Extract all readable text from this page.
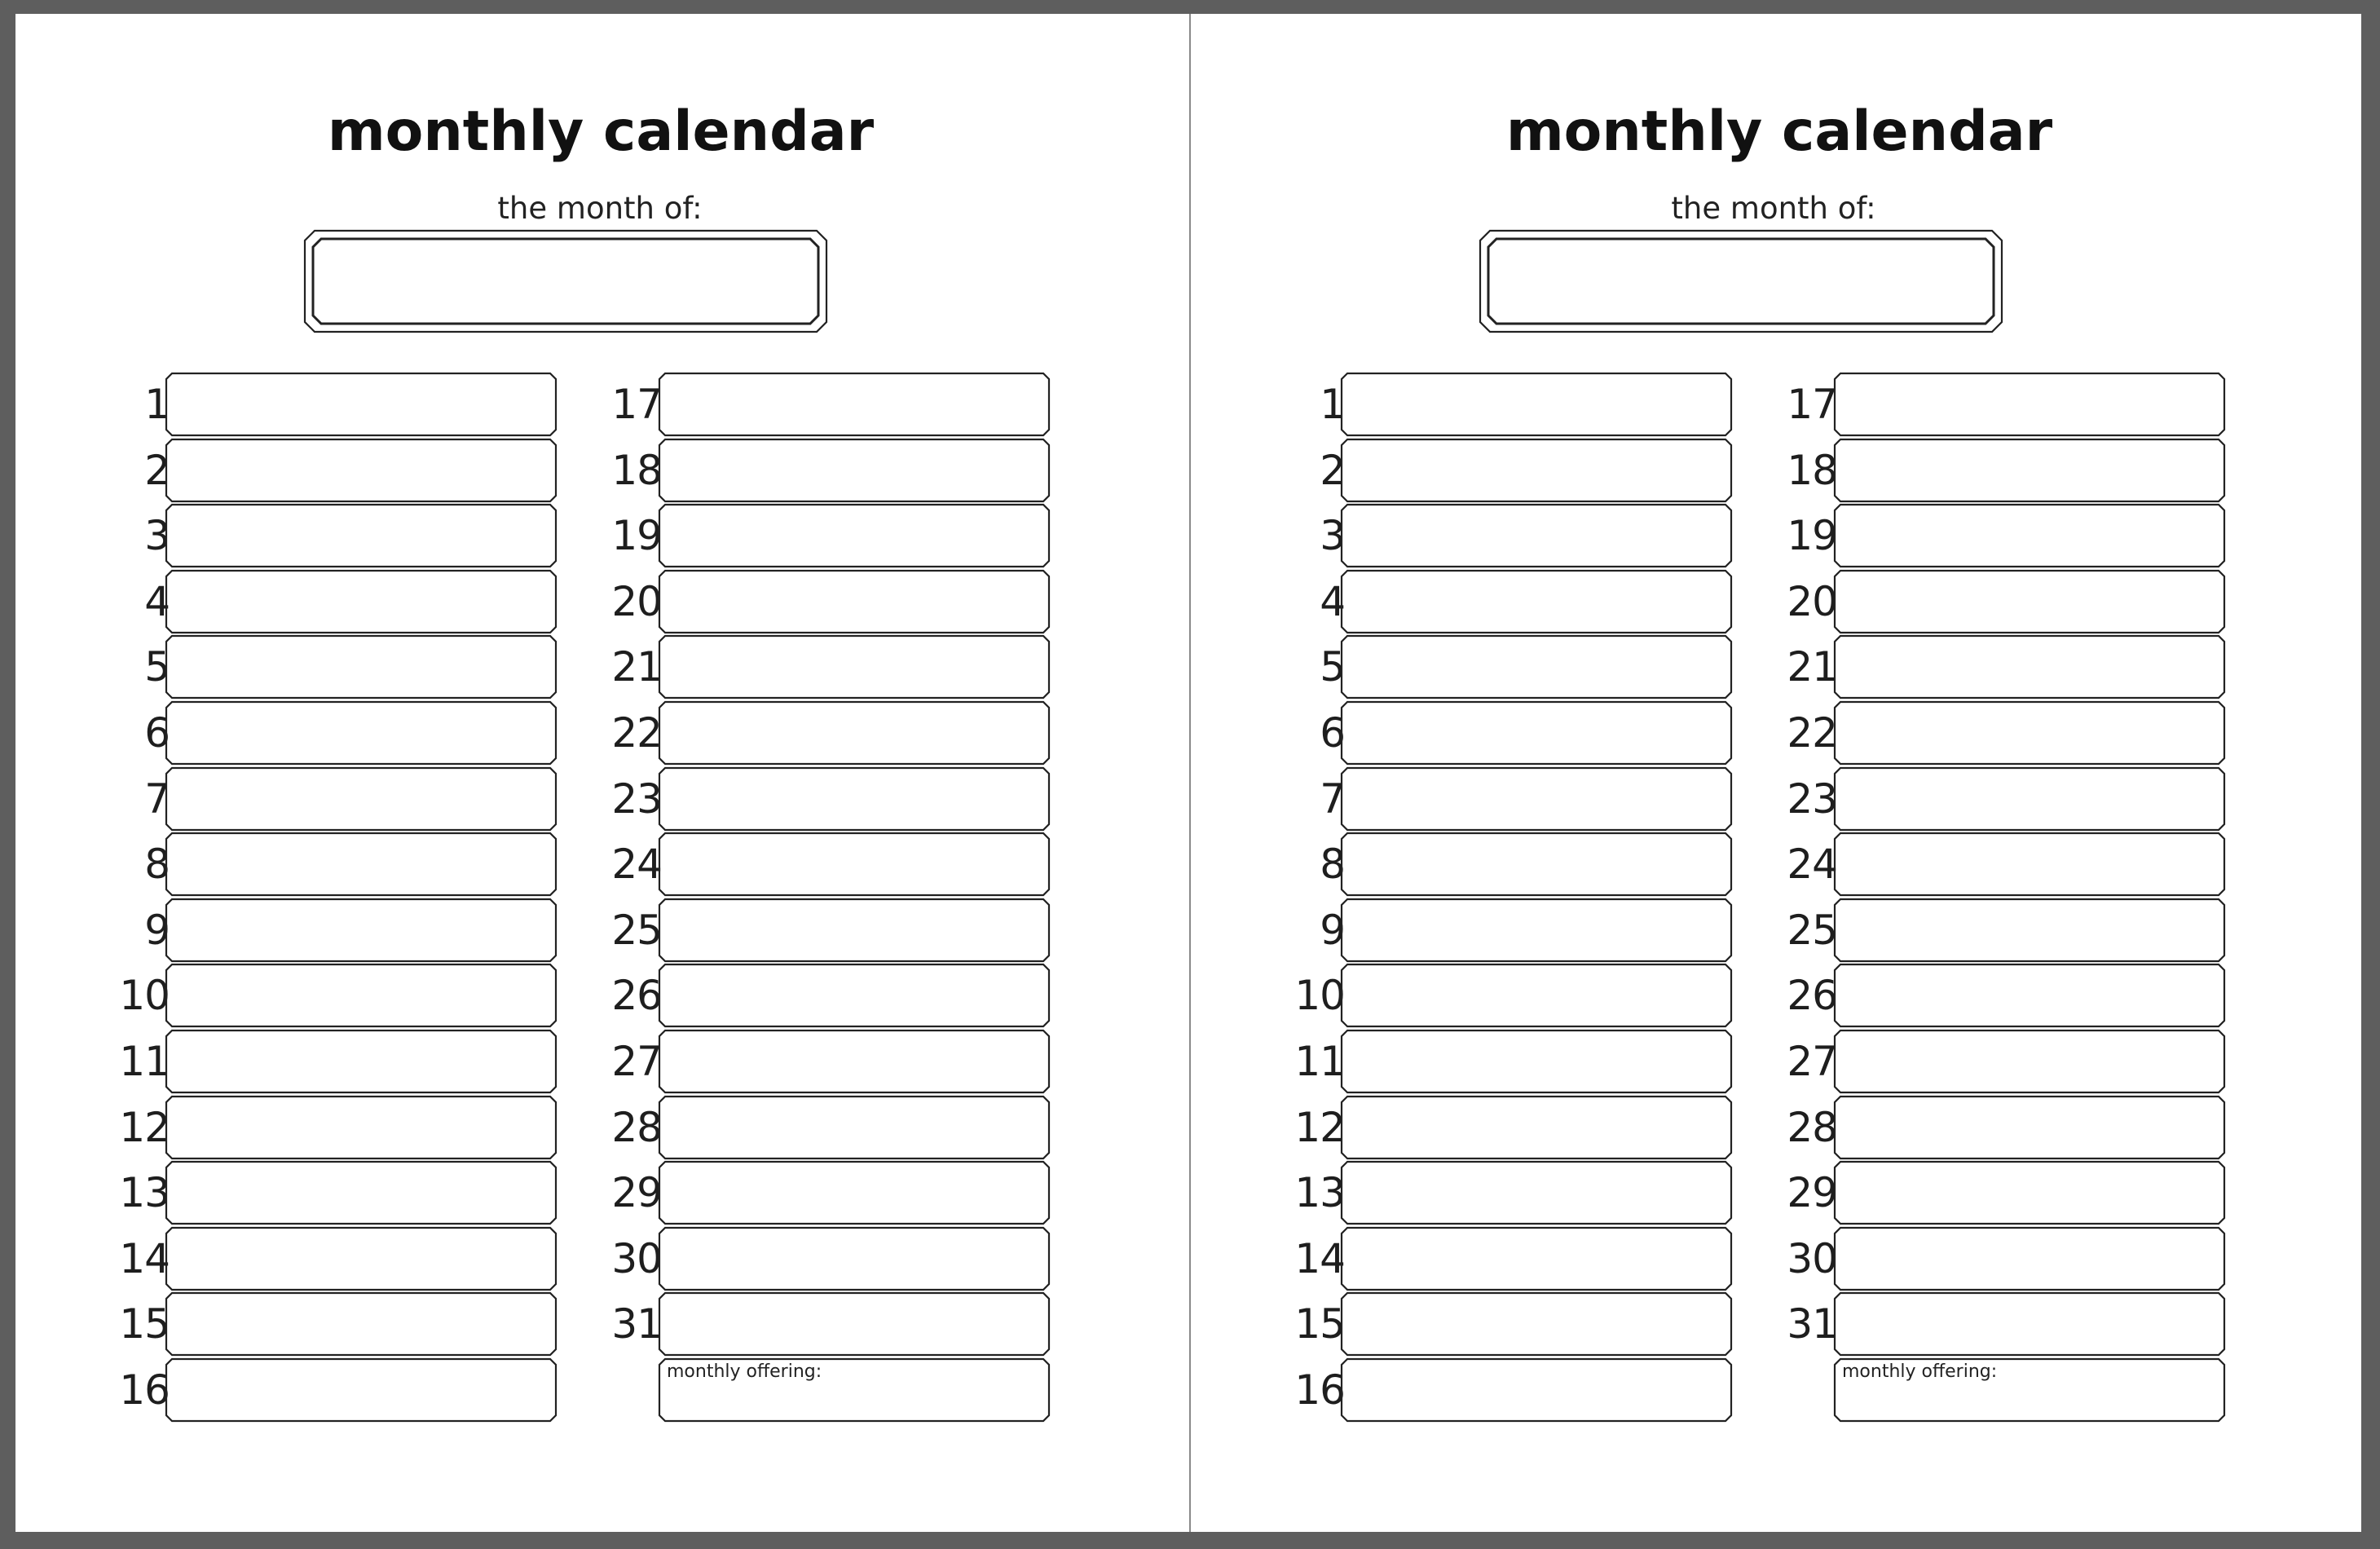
monthly calendar
the month of:
1
2
3
4
5
6
7
8
9
10
11
12
13
14
15
16
17
18
19
20
21
22
23
24
25
26
27
28
29
30
31
monthly offering:
monthly calendar
the month of:
1
2
3
4
5
6
7
8
9
10
11
12
13
14
15
16
17
18
19
20
21
22
23
24
25
26
27
28
29
30
31
monthly offering:
